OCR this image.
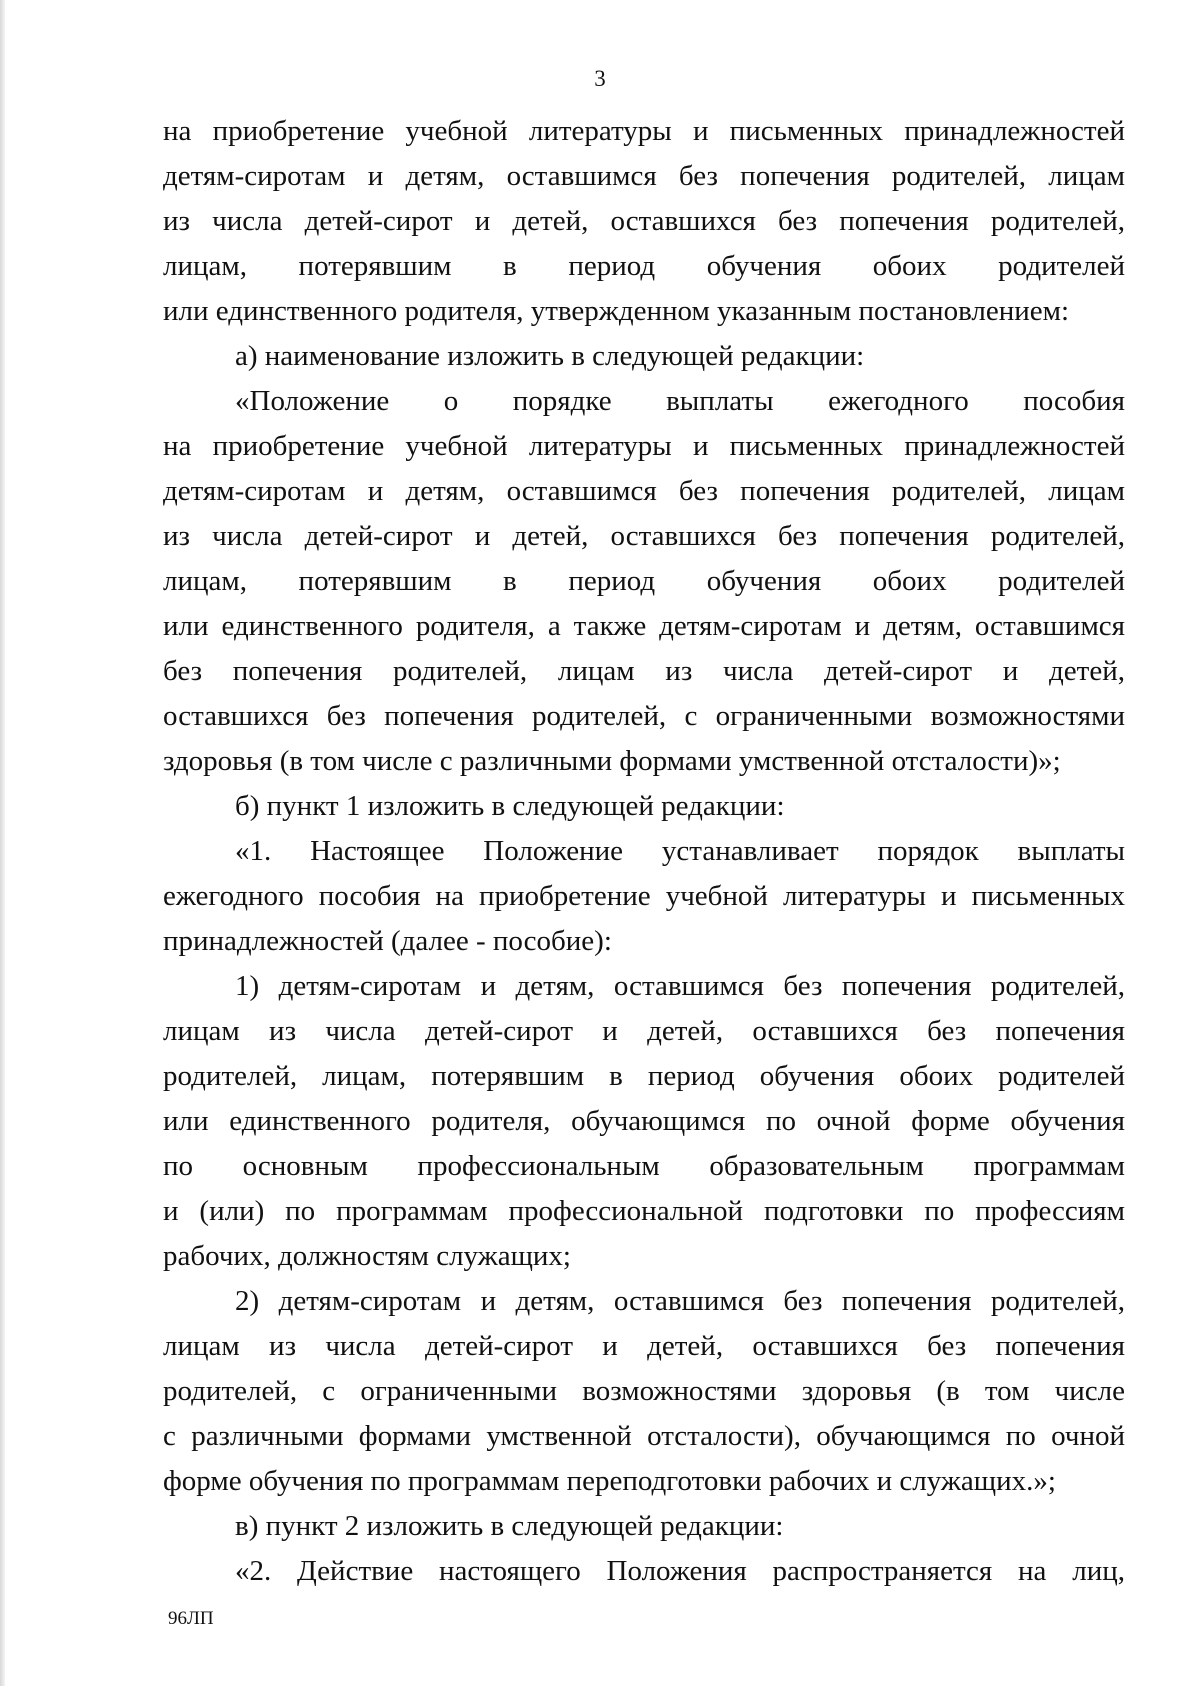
3
на приобретение учебной литературы и письменных принадлежностей
детям-сиротам и детям, оставшимся без попечения родителей, лицам
из числа детей-сирот и детей, оставшихся без попечения родителей,
лицам, потерявшим в период обучения обоих родителей
или единственного родителя, утвержденном указанным постановлением:
а) наименование изложить в следующей редакции:
«Положение о порядке выплаты ежегодного пособия
на приобретение учебной литературы и письменных принадлежностей
детям-сиротам и детям, оставшимся без попечения родителей, лицам
из числа детей-сирот и детей, оставшихся без попечения родителей,
лицам, потерявшим в период обучения обоих родителей
или единственного родителя, а также детям-сиротам и детям, оставшимся
без попечения родителей, лицам из числа детей-сирот и детей,
оставшихся без попечения родителей, с ограниченными возможностями
здоровья (в том числе с различными формами умственной отсталости)»;
б) пункт 1 изложить в следующей редакции:
«1. Настоящее Положение устанавливает порядок выплаты
ежегодного пособия на приобретение учебной литературы и письменных
принадлежностей (далее - пособие):
1) детям-сиротам и детям, оставшимся без попечения родителей,
лицам из числа детей-сирот и детей, оставшихся без попечения
родителей, лицам, потерявшим в период обучения обоих родителей
или единственного родителя, обучающимся по очной форме обучения
по основным профессиональным образовательным программам
и (или) по программам профессиональной подготовки по профессиям
рабочих, должностям служащих;
2) детям-сиротам и детям, оставшимся без попечения родителей,
лицам из числа детей-сирот и детей, оставшихся без попечения
родителей, с ограниченными возможностями здоровья (в том числе
с различными формами умственной отсталости), обучающимся по очной
форме обучения по программам переподготовки рабочих и служащих.»;
в) пункт 2 изложить в следующей редакции:
«2. Действие настоящего Положения распространяется на лиц,
96ЛП
